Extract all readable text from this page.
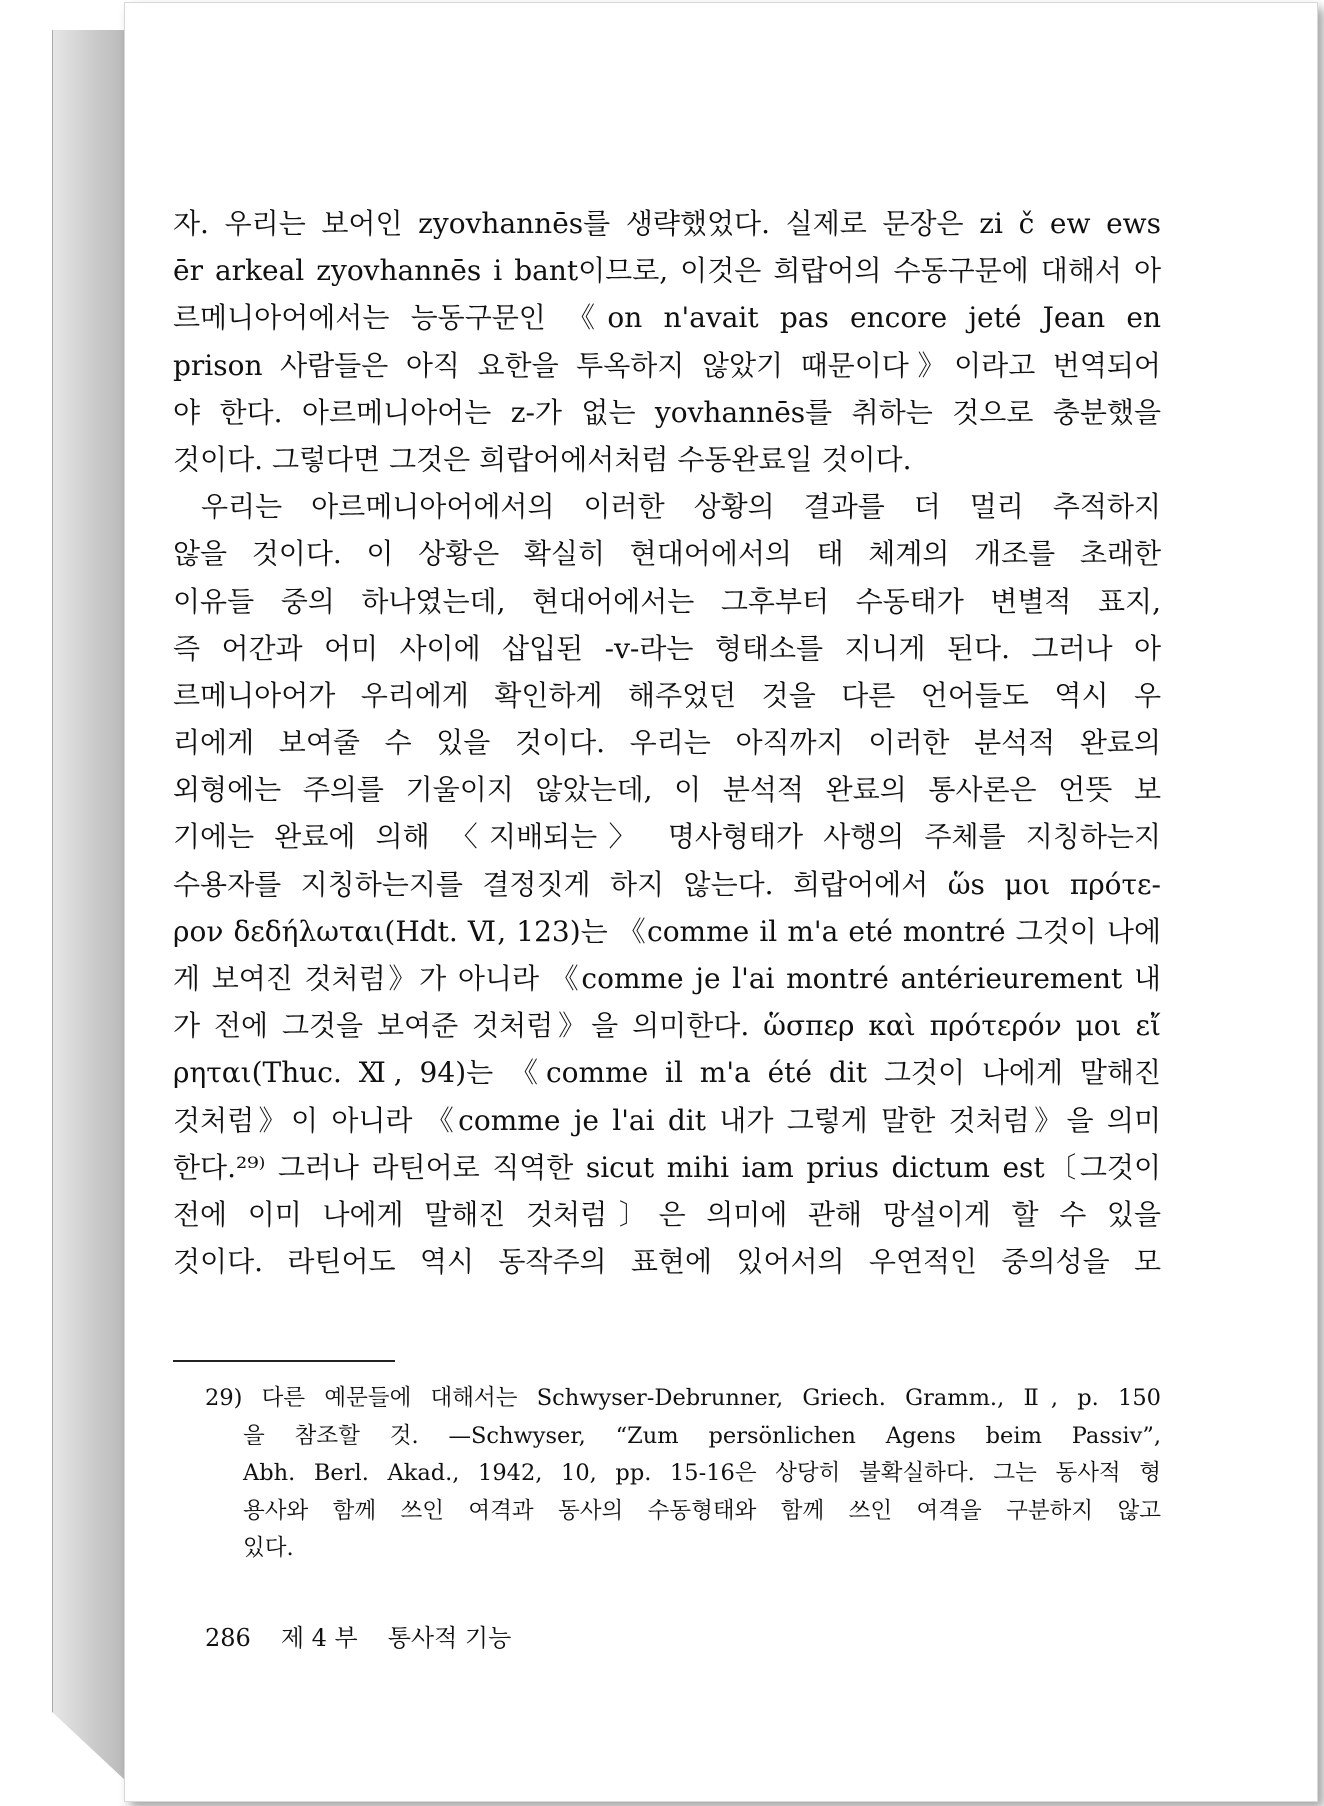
자. 우리는 보어인 zyovhannēs를 생략했었다. 실제로 문장은 zi č ew ews
ēr arkeal zyovhannēs i bant이므로, 이것은 희랍어의 수동구문에 대해서 아
르메니아어에서는 능동구문인 《on n'avait pas encore jeté Jean en
prison 사람들은 아직 요한을 투옥하지 않았기 때문이다》이라고 번역되어
야 한다. 아르메니아어는 z-가 없는 yovhannēs를 취하는 것으로 충분했을
것이다. 그렇다면 그것은 희랍어에서처럼 수동완료일 것이다.
우리는 아르메니아어에서의 이러한 상황의 결과를 더 멀리 추적하지
않을 것이다. 이 상황은 확실히 현대어에서의 태 체계의 개조를 초래한
이유들 중의 하나였는데, 현대어에서는 그후부터 수동태가 변별적 표지,
즉 어간과 어미 사이에 삽입된 -v-라는 형태소를 지니게 된다. 그러나 아
르메니아어가 우리에게 확인하게 해주었던 것을 다른 언어들도 역시 우
리에게 보여줄 수 있을 것이다. 우리는 아직까지 이러한 분석적 완료의
외형에는 주의를 기울이지 않았는데, 이 분석적 완료의 통사론은 언뜻 보
기에는 완료에 의해 〈지배되는〉 명사형태가 사행의 주체를 지칭하는지
수용자를 지칭하는지를 결정짓게 하지 않는다. 희랍어에서 ὥs μοι πρότε-
ρον δεδήλωται(Hdt. Ⅵ, 123)는 《comme il m'a eté montré 그것이 나에
게 보여진 것처럼》가 아니라 《comme je l'ai montré antérieurement 내
가 전에 그것을 보여준 것처럼》을 의미한다. ὥσπερ καὶ πρότερόν μοι εἴ
ρηται(Thuc. Ⅺ, 94)는 《comme il m'a été dit 그것이 나에게 말해진
것처럼》이 아니라 《comme je l'ai dit 내가 그렇게 말한 것처럼》을 의미
한다.²⁹⁾ 그러나 라틴어로 직역한 sicut mihi iam prius dictum est〔그것이
전에 이미 나에게 말해진 것처럼〕은 의미에 관해 망설이게 할 수 있을
것이다. 라틴어도 역시 동작주의 표현에 있어서의 우연적인 중의성을 모
29) 다른 예문들에 대해서는 Schwyser-Debrunner, Griech. Gramm., Ⅱ, p. 150
을 참조할 것. —Schwyser, “Zum persönlichen Agens beim Passiv”,
Abh. Berl. Akad., 1942, 10, pp. 15-16은 상당히 불확실하다. 그는 동사적 형
용사와 함께 쓰인 여격과 동사의 수동형태와 함께 쓰인 여격을 구분하지 않고
있다.
286 제 4 부 통사적 기능
